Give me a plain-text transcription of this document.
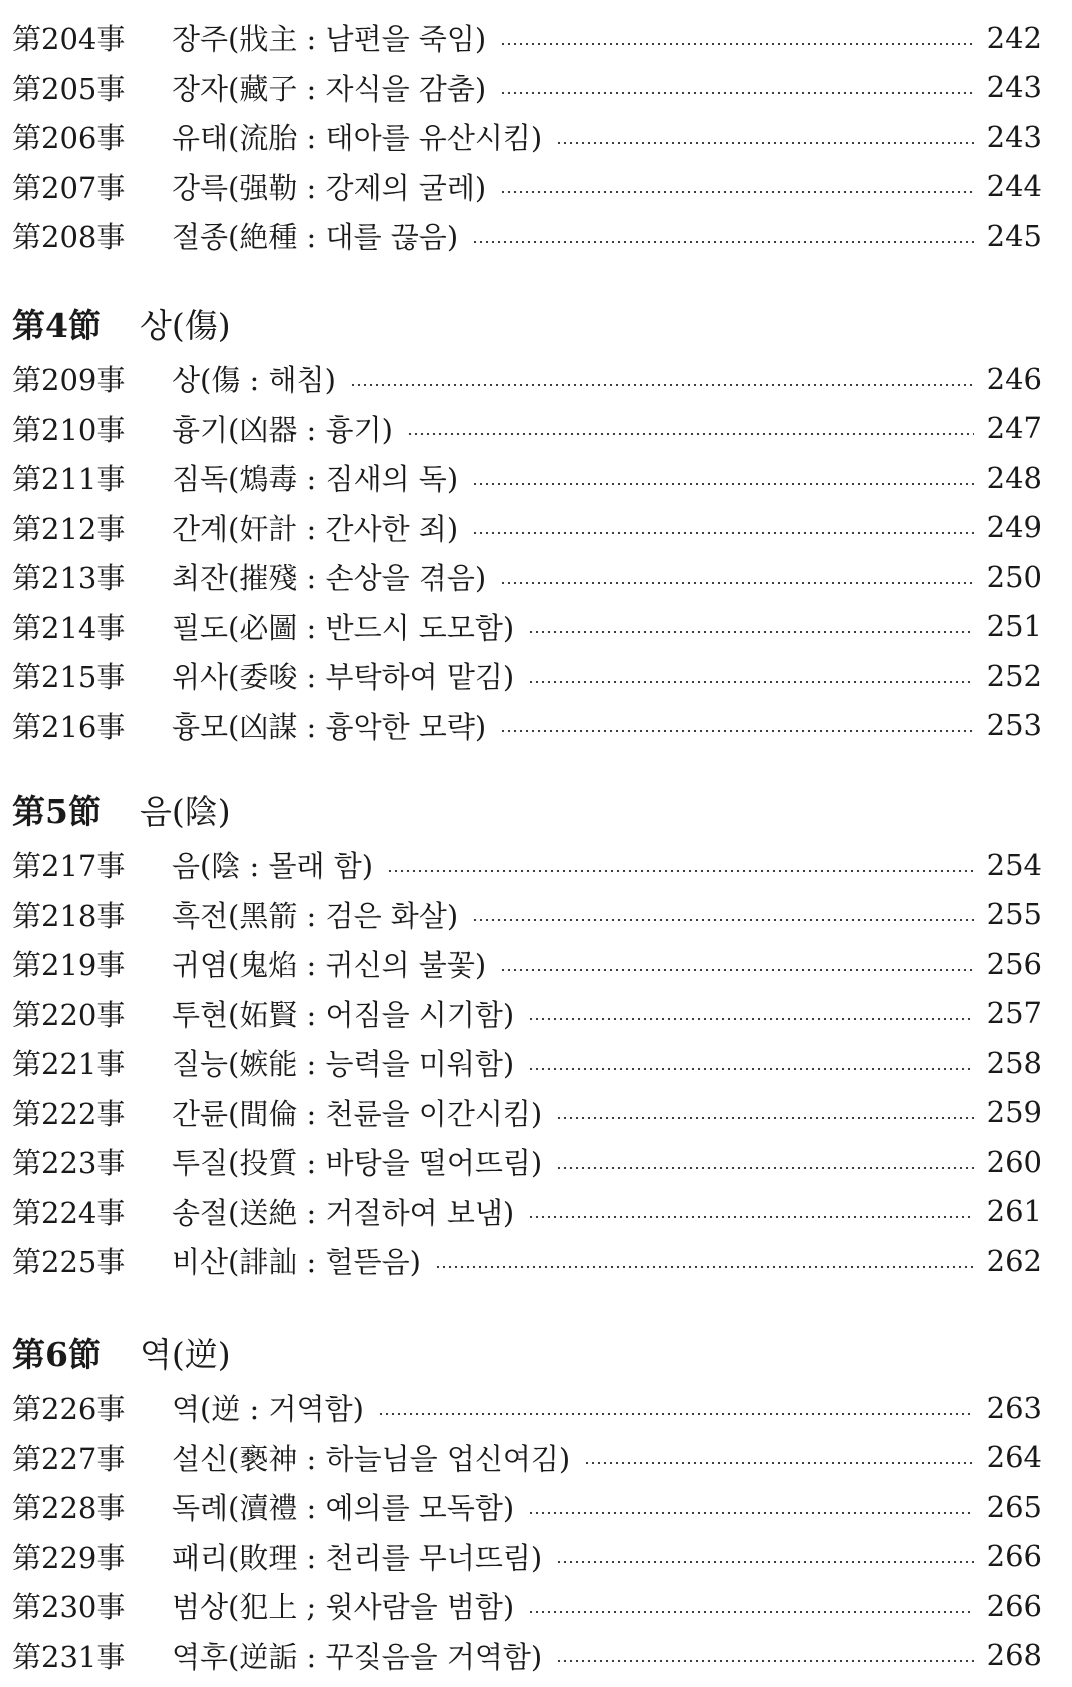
第204事	장주(戕主 : 남편을 죽임)	242
第205事	장자(藏子 : 자식을 감춤)	243
第206事	유태(流胎 : 태아를 유산시킴)	243
第207事	강륵(强勒 : 강제의 굴레)	244
第208事	절종(絶種 : 대를 끊음)	245
第4節	상(傷)
第209事	상(傷 : 해침)	246
第210事	흉기(凶器 : 흉기)	247
第211事	짐독(鴆毒 : 짐새의 독)	248
第212事	간계(奸計 : 간사한 죄)	249
第213事	최잔(摧殘 : 손상을 겪음)	250
第214事	필도(必圖 : 반드시 도모함)	251
第215事	위사(委唆 : 부탁하여 맡김)	252
第216事	흉모(凶謀 : 흉악한 모략)	253
第5節	음(陰)
第217事	음(陰 : 몰래 함)	254
第218事	흑전(黑箭 : 검은 화살)	255
第219事	귀염(鬼焰 : 귀신의 불꽃)	256
第220事	투현(妬賢 : 어짐을 시기함)	257
第221事	질능(嫉能 : 능력을 미워함)	258
第222事	간륜(間倫 : 천륜을 이간시킴)	259
第223事	투질(投質 : 바탕을 떨어뜨림)	260
第224事	송절(送絶 : 거절하여 보냄)	261
第225事	비산(誹訕 : 헐뜯음)	262
第6節	역(逆)
第226事	역(逆 : 거역함)	263
第227事	설신(褻神 : 하늘님을 업신여김)	264
第228事	독례(瀆禮 : 예의를 모독함)	265
第229事	패리(敗理 : 천리를 무너뜨림)	266
第230事	범상(犯上 ; 윗사람을 범함)	266
第231事	역후(逆詬 : 꾸짖음을 거역함)	268
